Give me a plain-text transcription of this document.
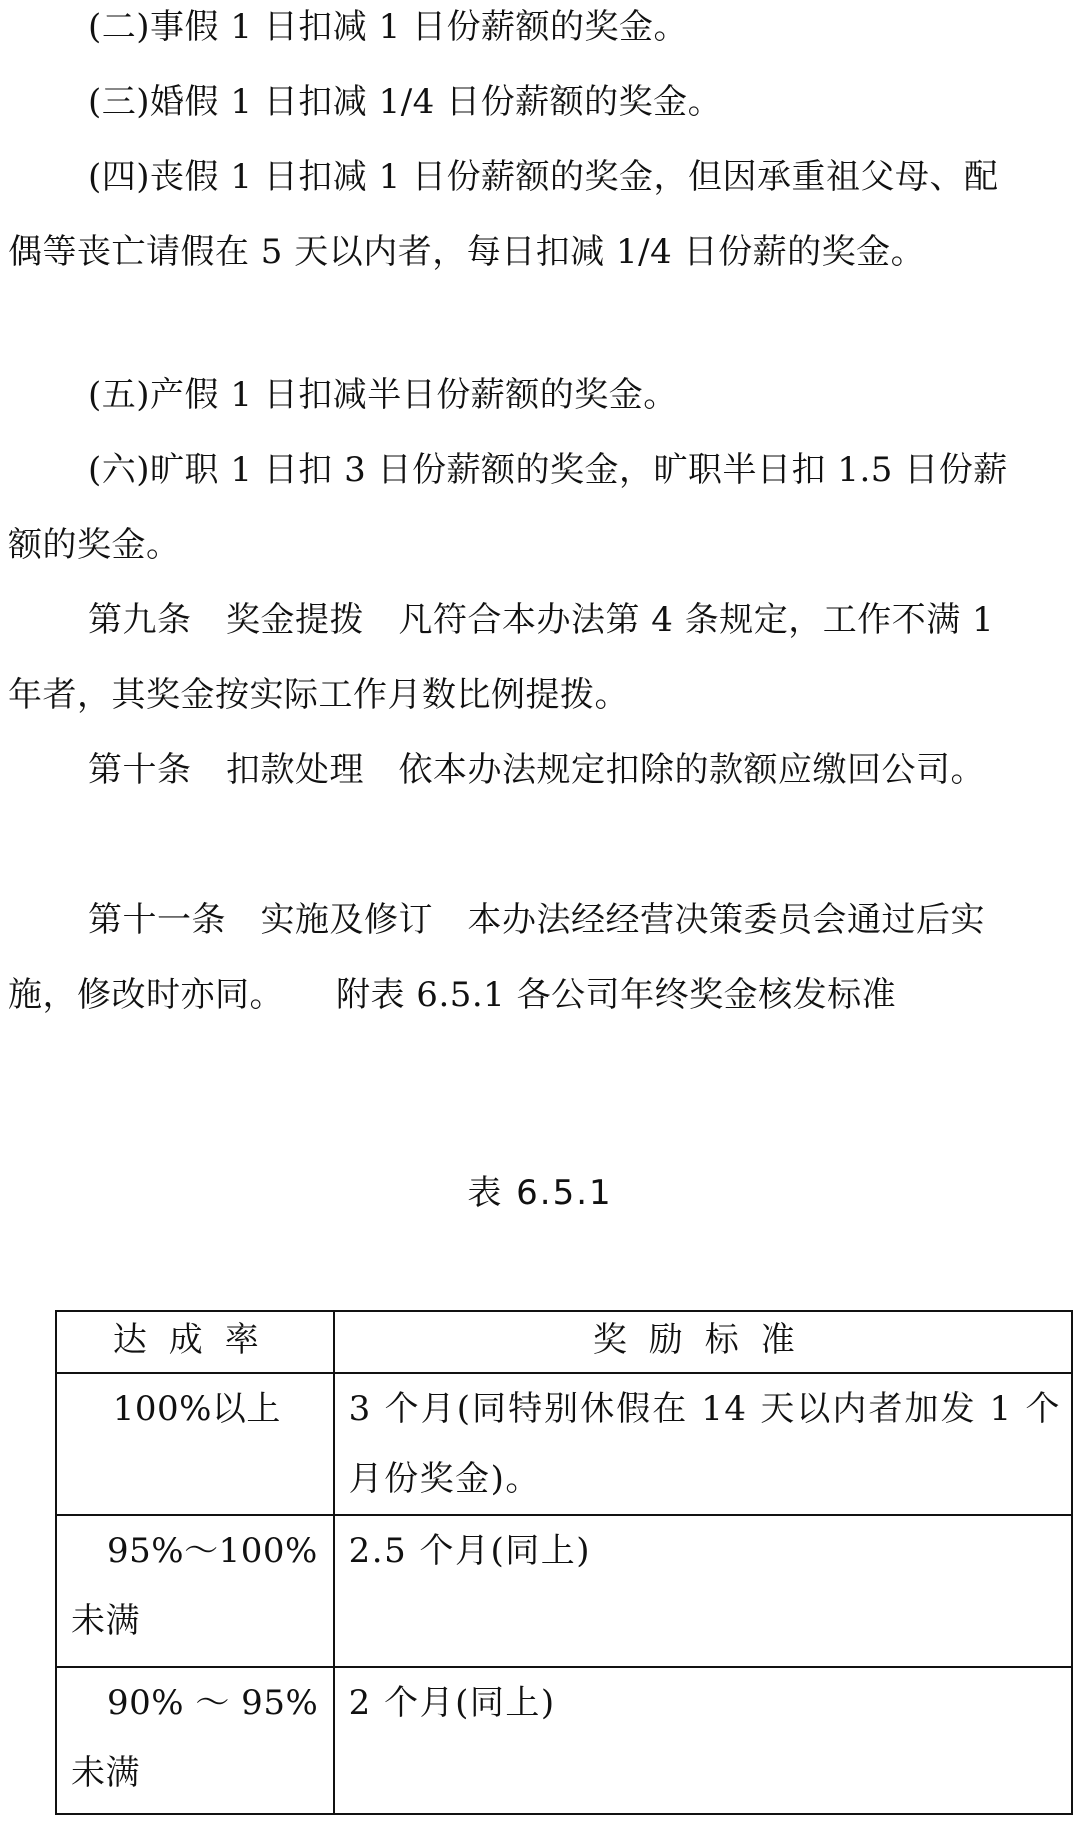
(二)事假 1 日扣减 1 日份薪额的奖金。

(三)婚假 1 日扣减 1/4 日份薪额的奖金。

(四)丧假 1 日扣减 1 日份薪额的奖金，但因承重祖父母、配偶等丧亡请假在 5 天以内者，每日扣减 1/4 日份薪的奖金。

(五)产假 1 日扣减半日份薪额的奖金。

(六)旷职 1 日扣 3 日份薪额的奖金，旷职半日扣 1.5 日份薪额的奖金。

第九条　奖金提拨　凡符合本办法第 4 条规定，工作不满 1 年者，其奖金按实际工作月数比例提拨。

第十条　扣款处理　依本办法规定扣除的款额应缴回公司。

第十一条　实施及修订　本办法经经营决策委员会通过后实施，修改时亦同。　　附表 6.5.1 各公司年终奖金核发标准

表 6.5.1

达成率	奖励标准
100%以上	3 个月(同特别休假在 14 天以内者加发 1 个月份奖金)。
95%～100%未满	2.5 个月(同上)
90% ～ 95% 未满	2 个月(同上)
